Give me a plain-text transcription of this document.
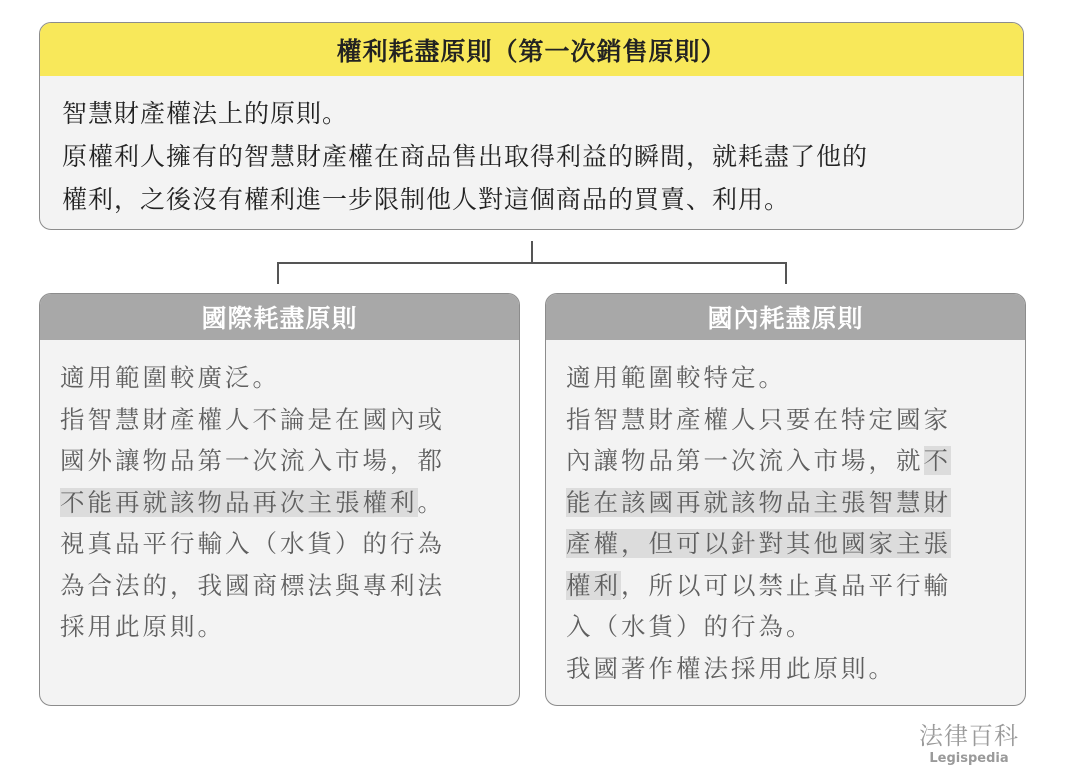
權利耗盡原則（第一次銷售原則）
智慧財產權法上的原則。
原權利人擁有的智慧財產權在商品售出取得利益的瞬間，就耗盡了他的
權利，之後沒有權利進一步限制他人對這個商品的買賣、利用。
國際耗盡原則
適用範圍較廣泛。
指智慧財產權人不論是在國內或
國外讓物品第一次流入市場，都
不能再就該物品再次主張權利。
視真品平行輸入（水貨）的行為
為合法的，我國商標法與專利法
採用此原則。
國內耗盡原則
適用範圍較特定。
指智慧財產權人只要在特定國家
內讓物品第一次流入市場，就不
能在該國再就該物品主張智慧財
產權，但可以針對其他國家主張
權利，所以可以禁止真品平行輸
入（水貨）的行為。
我國著作權法採用此原則。
法律百科
Legispedia
